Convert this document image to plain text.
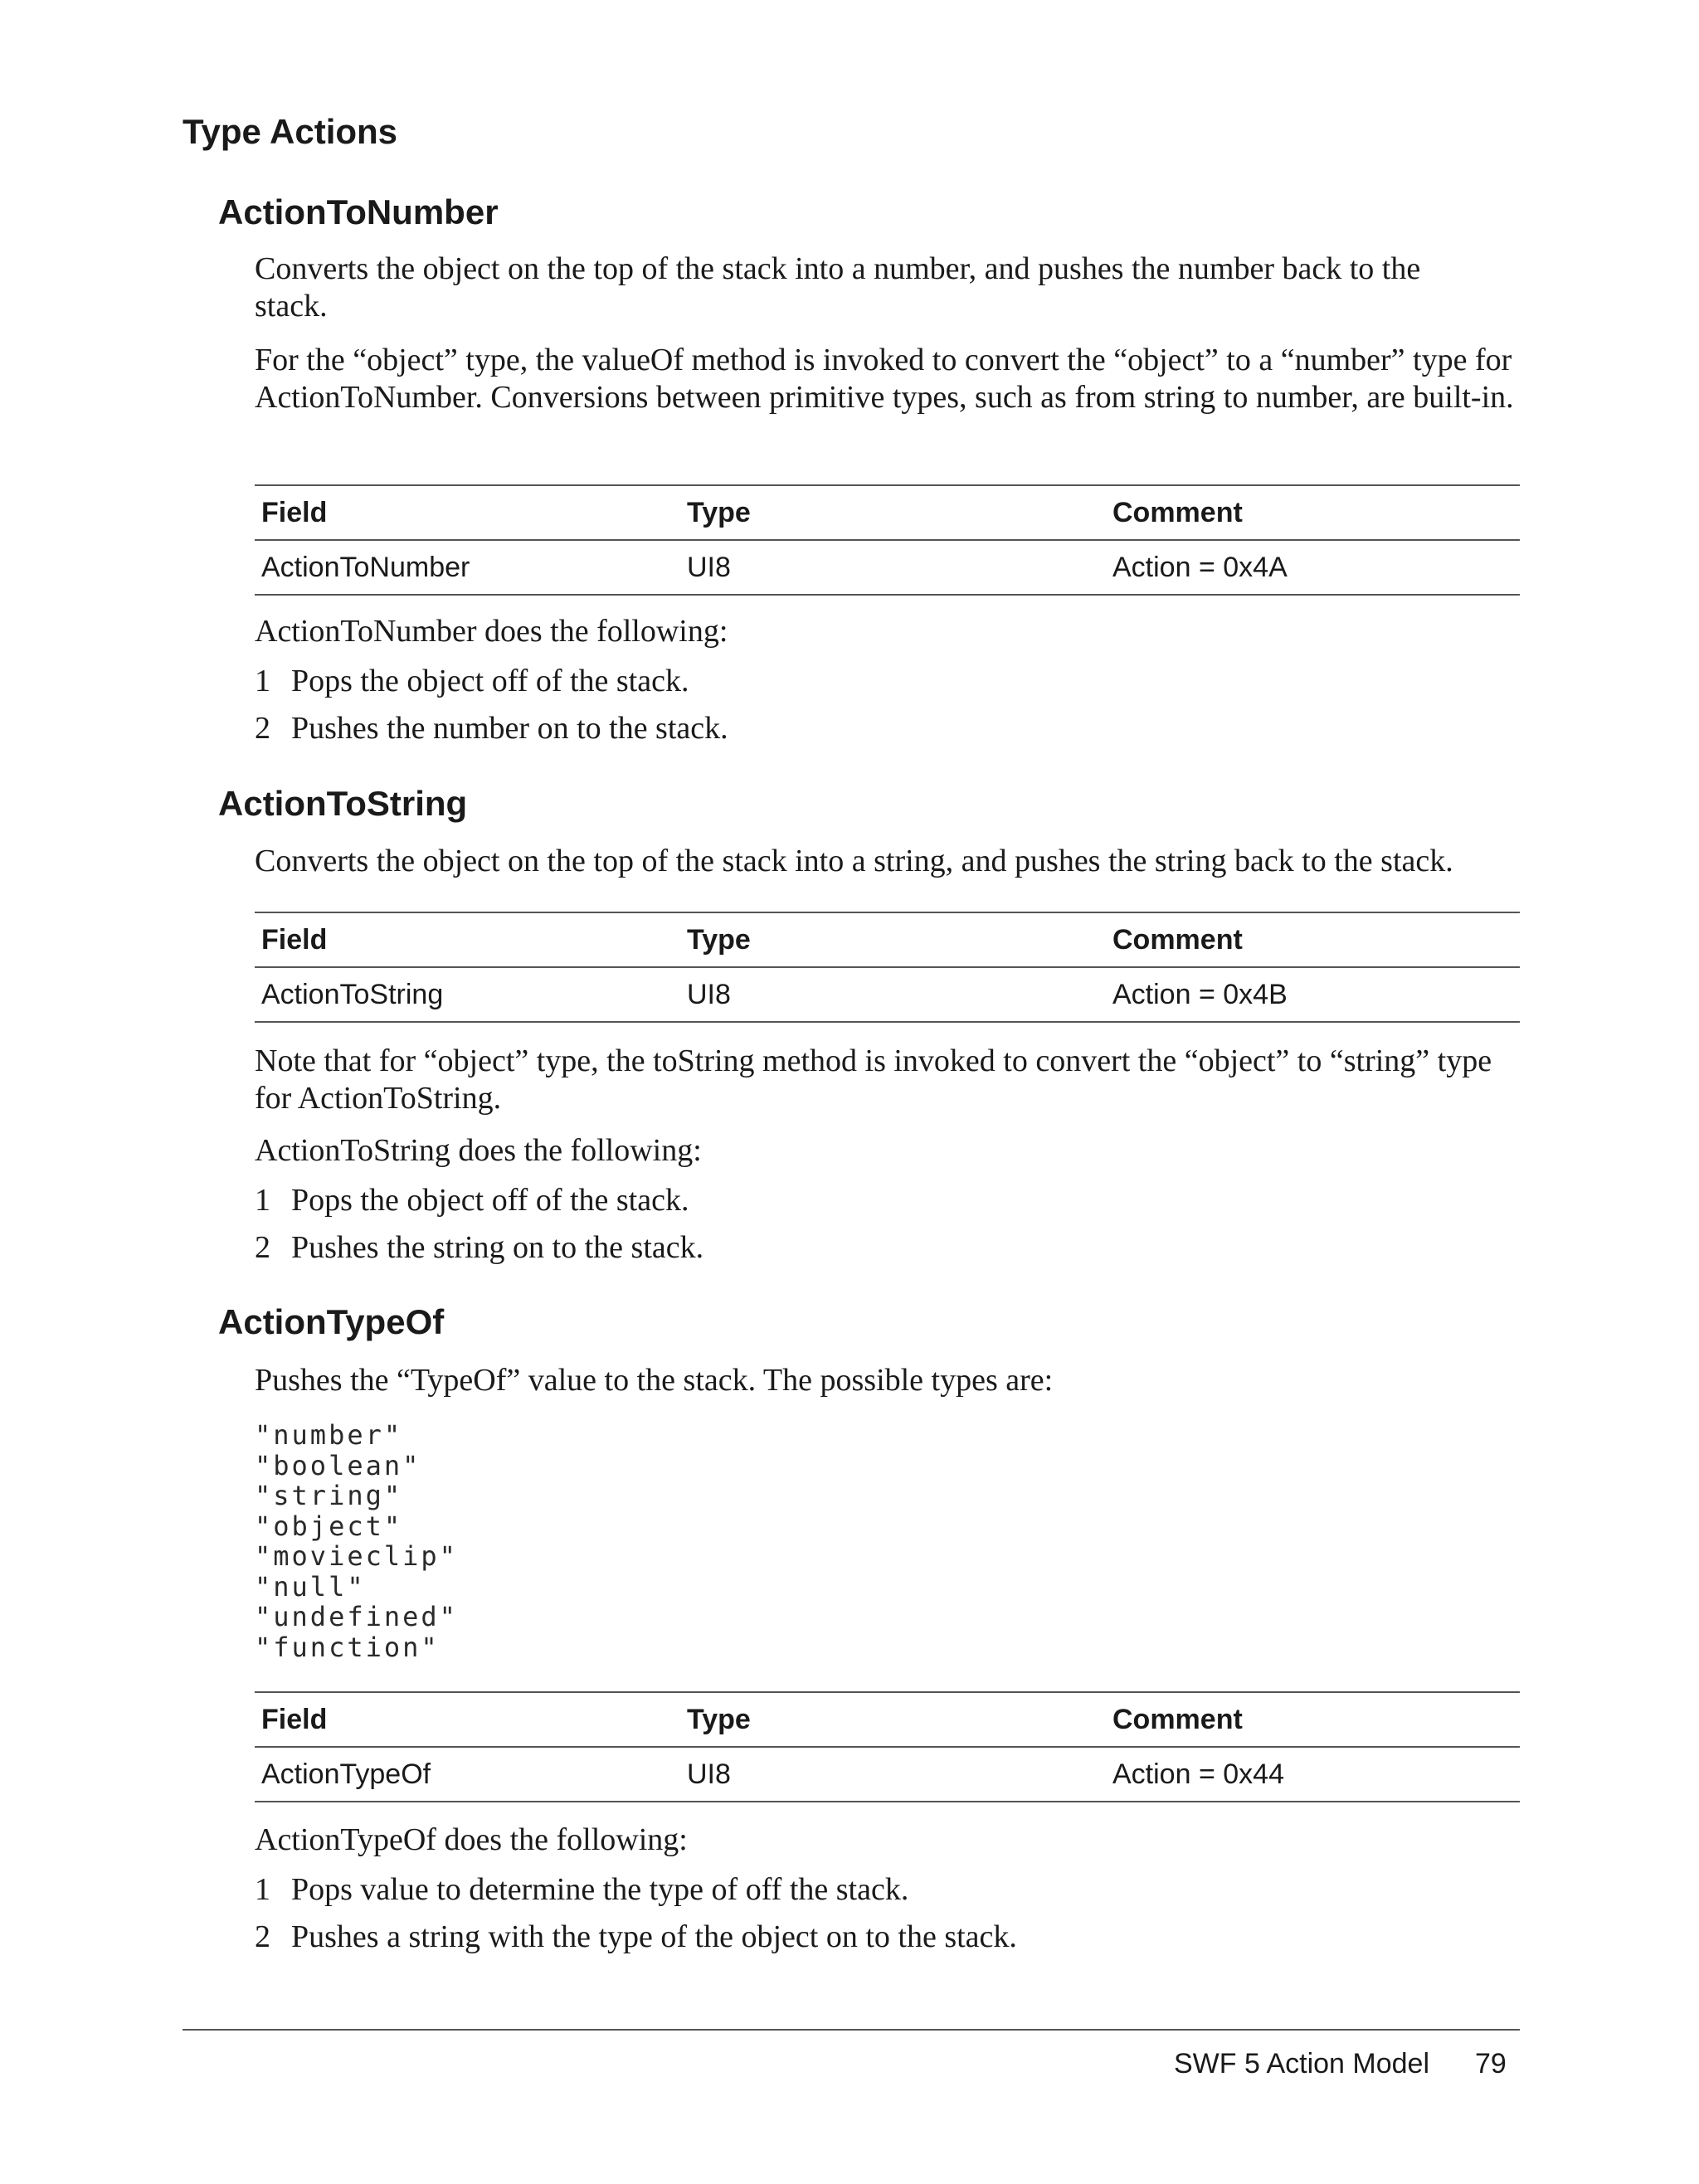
Type Actions
ActionToNumber

Converts the object on the top of the stack into a number, and pushes the number back to the stack.

For the “object” type, the valueOf method is invoked to convert the “object” to a “number” type for ActionToNumber. Conversions between primitive types, such as from string to number, are built-in.

Field	Type	Comment
ActionToNumber	UI8	Action = 0x4A

ActionToNumber does the following:

1 Pops the object off of the stack.
2 Pushes the number on to the stack.
ActionToString

Converts the object on the top of the stack into a string, and pushes the string back to the stack.

Field	Type	Comment
ActionToString	UI8	Action = 0x4B

Note that for “object” type, the toString method is invoked to convert the “object” to “string” type for ActionToString.

ActionToString does the following:

1 Pops the object off of the stack.
2 Pushes the string on to the stack.
ActionTypeOf

Pushes the “TypeOf” value to the stack. The possible types are:

"number"
"boolean"
"string"
"object"
"movieclip"
"null"
"undefined"
"function"
Field	Type	Comment
ActionTypeOf	UI8	Action = 0x44

ActionTypeOf does the following:

1 Pops value to determine the type of off the stack.
2 Pushes a string with the type of the object on to the stack.
SWF 5 Action Model 79
